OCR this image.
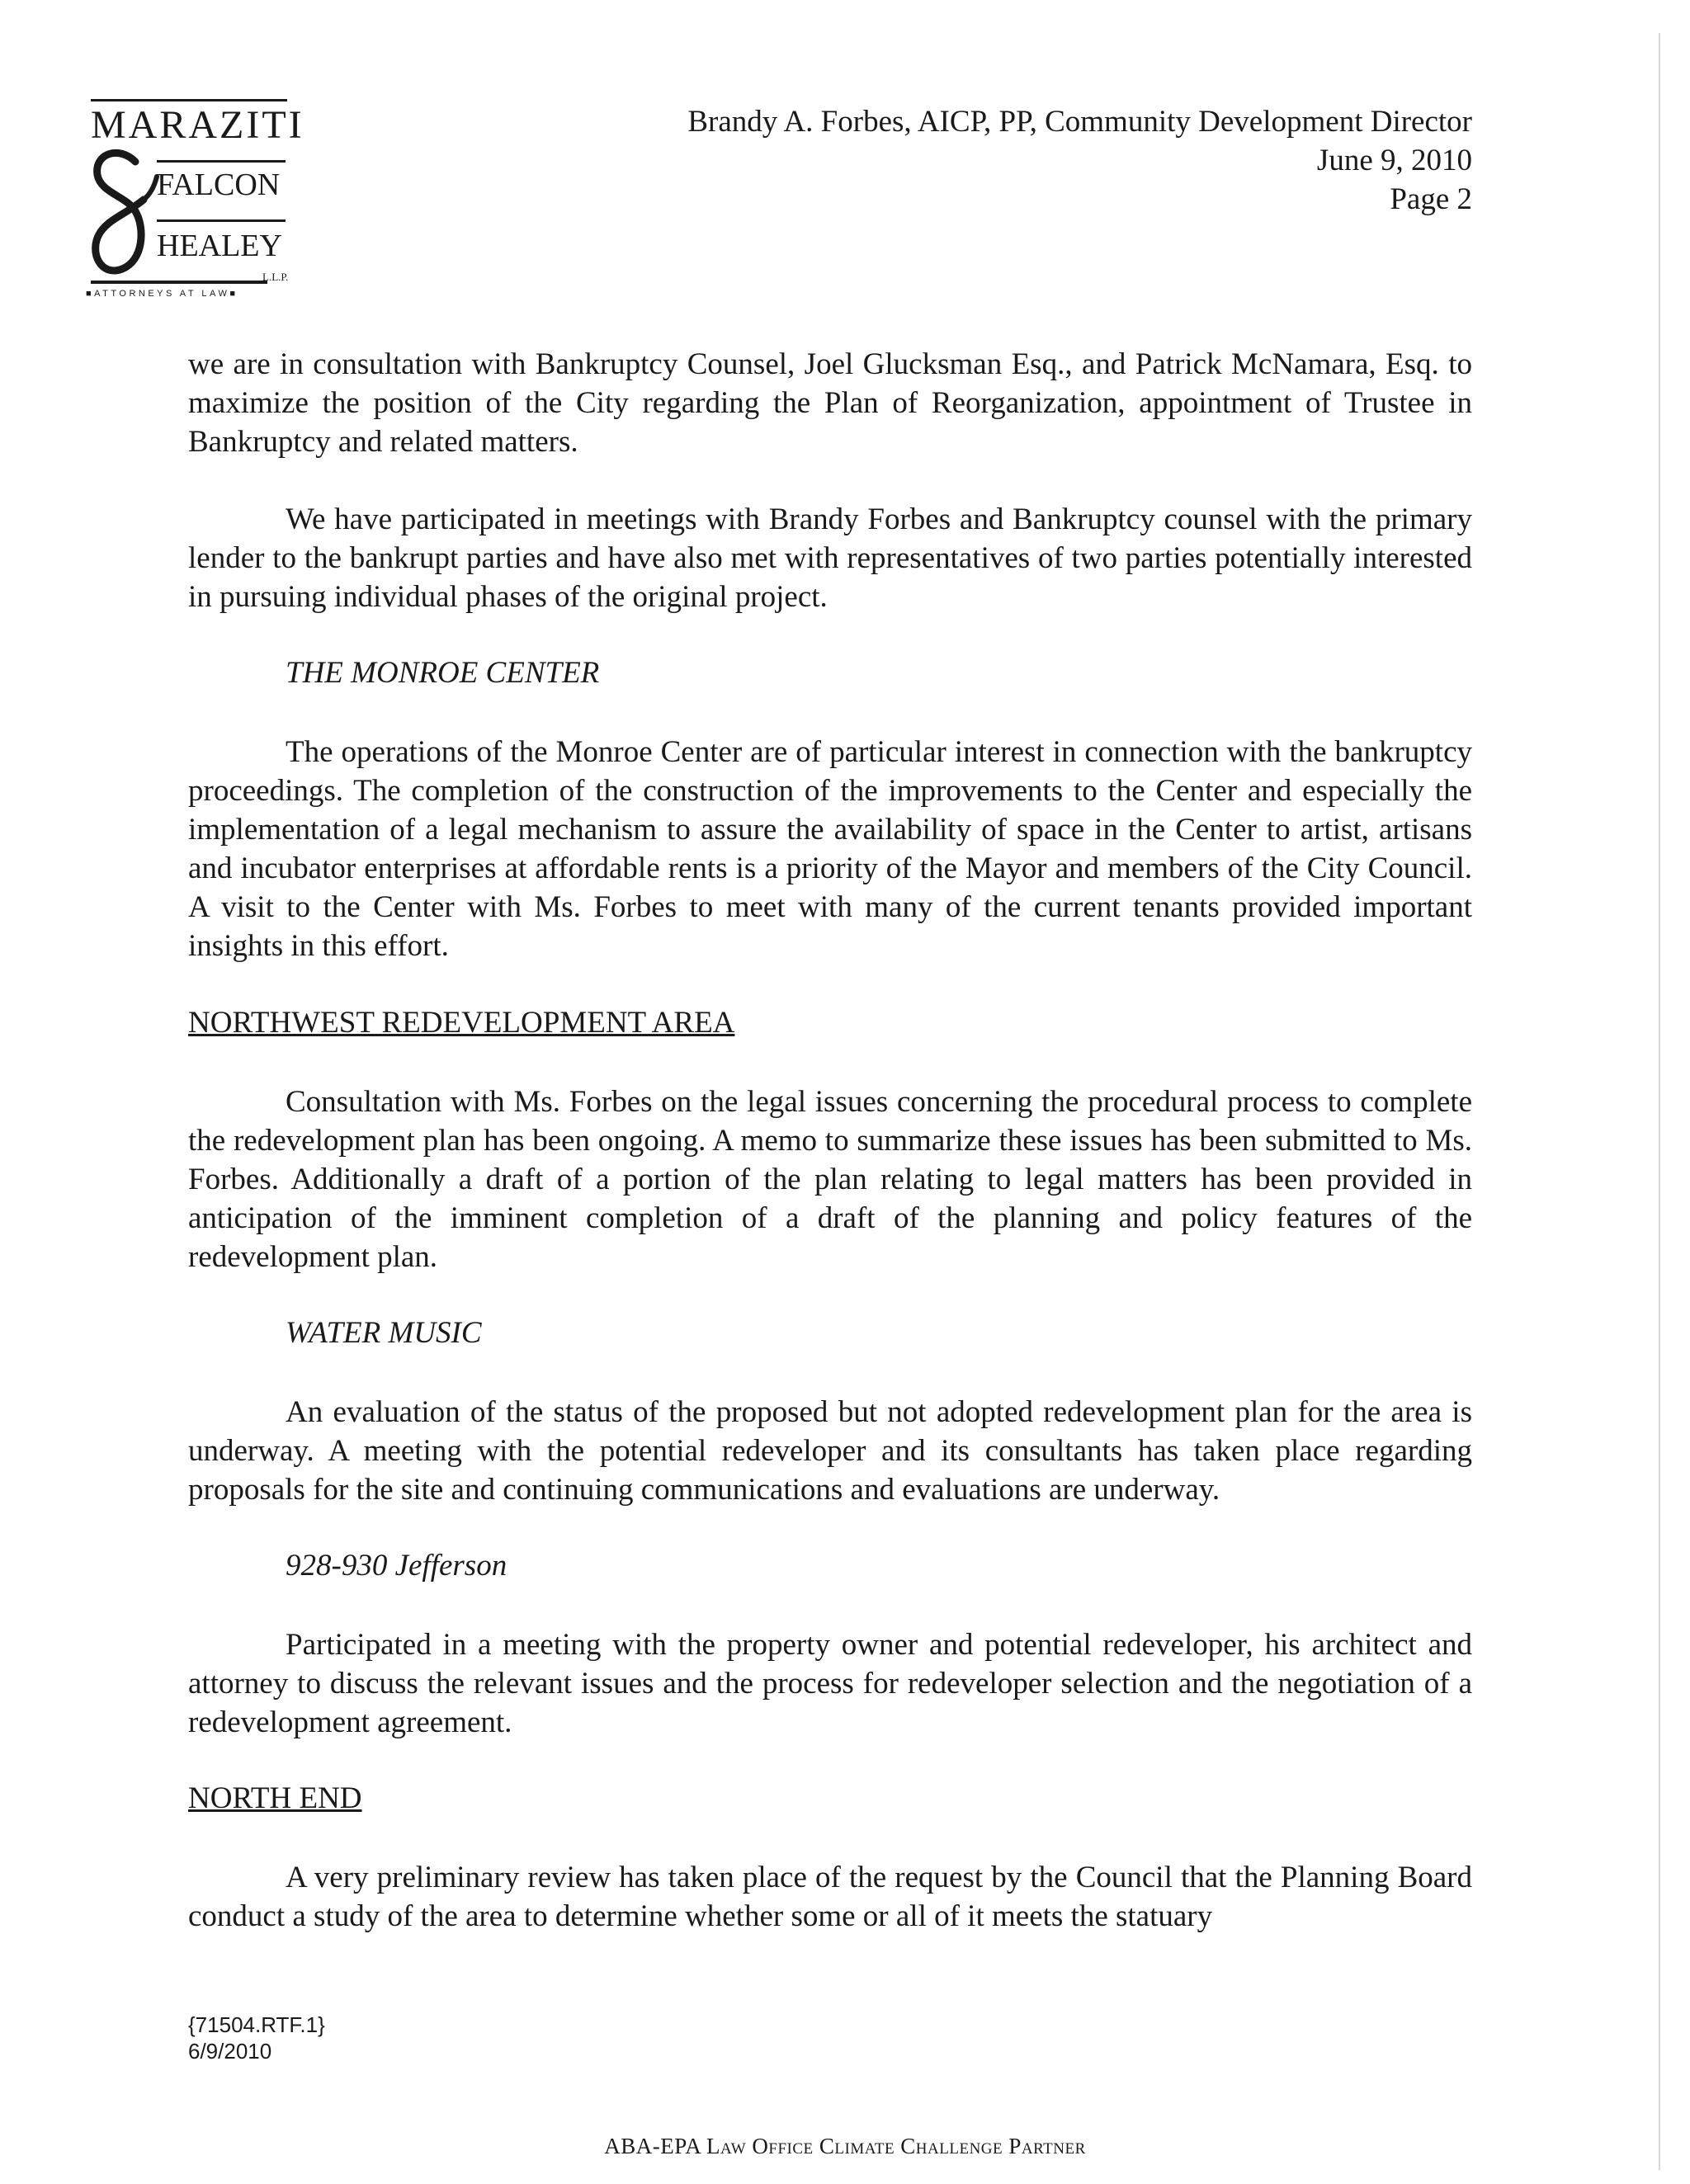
MARAZITI
FALCON
HEALEY
L.L.P.
■ATTORNEYS AT LAW■
Brandy A. Forbes, AICP, PP, Community Development Director
June 9, 2010
Page 2
we are in consultation with Bankruptcy Counsel, Joel Glucksman Esq., and Patrick McNamara, Esq. to maximize the position of the City regarding the Plan of Reorganization, appointment of Trustee in Bankruptcy and related matters.
We have participated in meetings with Brandy Forbes and Bankruptcy counsel with the primary lender to the bankrupt parties and have also met with representatives of two parties potentially interested in pursuing individual phases of the original project.
THE MONROE CENTER
The operations of the Monroe Center are of particular interest in connection with the bankruptcy proceedings. The completion of the construction of the improvements to the Center and especially the implementation of a legal mechanism to assure the availability of space in the Center to artist, artisans and incubator enterprises at affordable rents is a priority of the Mayor and members of the City Council. A visit to the Center with Ms. Forbes to meet with many of the current tenants provided important insights in this effort.
NORTHWEST REDEVELOPMENT AREA
Consultation with Ms. Forbes on the legal issues concerning the procedural process to complete the redevelopment plan has been ongoing. A memo to summarize these issues has been submitted to Ms. Forbes. Additionally a draft of a portion of the plan relating to legal matters has been provided in anticipation of the imminent completion of a draft of the planning and policy features of the redevelopment plan.
WATER MUSIC
An evaluation of the status of the proposed but not adopted redevelopment plan for the area is underway. A meeting with the potential redeveloper and its consultants has taken place regarding proposals for the site and continuing communications and evaluations are underway.
928-930 Jefferson
Participated in a meeting with the property owner and potential redeveloper, his architect and attorney to discuss the relevant issues and the process for redeveloper selection and the negotiation of a redevelopment agreement.
NORTH END
A very preliminary review has taken place of the request by the Council that the Planning Board conduct a study of the area to determine whether some or all of it meets the statuary
{71504.RTF.1}
6/9/2010
ABA-EPA Law Office Climate Challenge Partner
